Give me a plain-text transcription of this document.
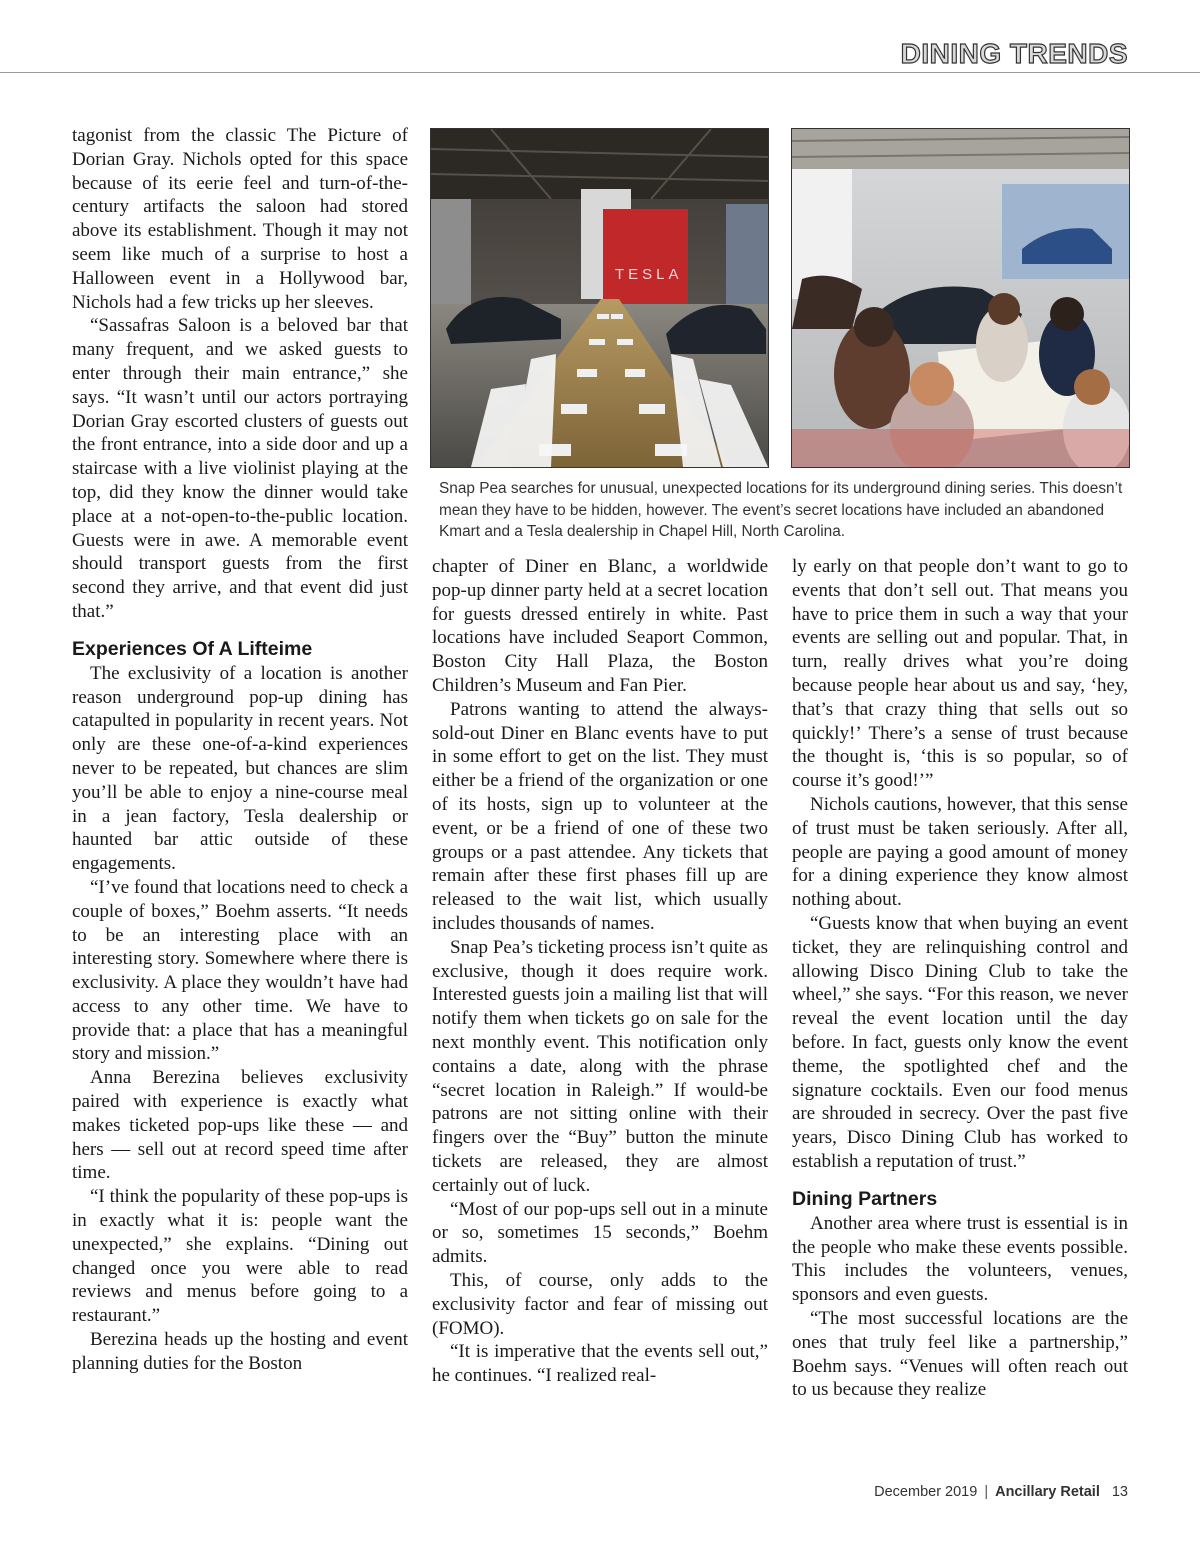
DINING TRENDS

tagonist from the classic The Picture of Dorian Gray. Nichols opted for this space because of its eerie feel and turn-of-the-century artifacts the saloon had stored above its establishment. Though it may not seem like much of a surprise to host a Halloween event in a Hollywood bar, Nichols had a few tricks up her sleeves.

“Sassafras Saloon is a beloved bar that many frequent, and we asked guests to enter through their main entrance,” she says. “It wasn’t until our actors portraying Dorian Gray escorted clusters of guests out the front entrance, into a side door and up a staircase with a live violinist playing at the top, did they know the dinner would take place at a not-open-to-the-public location. Guests were in awe. A memorable event should transport guests from the first second they arrive, and that event did just that.”

Experiences Of A Lifteime

The exclusivity of a location is another reason underground pop-up dining has catapulted in popularity in recent years. Not only are these one-of-a-kind experiences never to be repeated, but chances are slim you’ll be able to enjoy a nine-course meal in a jean factory, Tesla dealership or haunted bar attic outside of these engagements.

“I’ve found that locations need to check a couple of boxes,” Boehm asserts. “It needs to be an interesting place with an interesting story. Somewhere where there is exclusivity. A place they wouldn’t have had access to any other time. We have to provide that: a place that has a meaningful story and mission.”

Anna Berezina believes exclusivity paired with experience is exactly what makes ticketed pop-ups like these — and hers — sell out at record speed time after time.

“I think the popularity of these pop-ups is in exactly what it is: people want the unexpected,” she explains. “Dining out changed once you were able to read reviews and menus before going to a restaurant.”

Berezina heads up the hosting and event planning duties for the Boston

TESLA
Snap Pea searches for unusual, unexpected locations for its underground dining series. This doesn’t mean they have to be hidden, however. The event’s secret locations have included an abandoned Kmart and a Tesla dealership in Chapel Hill, North Carolina.

chapter of Diner en Blanc, a worldwide pop-up dinner party held at a secret location for guests dressed entirely in white. Past locations have included Seaport Common, Boston City Hall Plaza, the Boston Children’s Museum and Fan Pier.

Patrons wanting to attend the always-sold-out Diner en Blanc events have to put in some effort to get on the list. They must either be a friend of the organization or one of its hosts, sign up to volunteer at the event, or be a friend of one of these two groups or a past attendee. Any tickets that remain after these first phases fill up are released to the wait list, which usually includes thousands of names.

Snap Pea’s ticketing process isn’t quite as exclusive, though it does require work. Interested guests join a mailing list that will notify them when tickets go on sale for the next monthly event. This notification only contains a date, along with the phrase “secret location in Raleigh.” If would-be patrons are not sitting online with their fingers over the “Buy” button the minute tickets are released, they are almost certainly out of luck.

“Most of our pop-ups sell out in a minute or so, sometimes 15 seconds,” Boehm admits.

This, of course, only adds to the exclusivity factor and fear of missing out (FOMO).

“It is imperative that the events sell out,” he continues. “I realized real-

ly early on that people don’t want to go to events that don’t sell out. That means you have to price them in such a way that your events are selling out and popular. That, in turn, really drives what you’re doing because people hear about us and say, ‘hey, that’s that crazy thing that sells out so quickly!’ There’s a sense of trust because the thought is, ‘this is so popular, so of course it’s good!’”

Nichols cautions, however, that this sense of trust must be taken seriously. After all, people are paying a good amount of money for a dining experience they know almost nothing about.

“Guests know that when buying an event ticket, they are relinquishing control and allowing Disco Dining Club to take the wheel,” she says. “For this reason, we never reveal the event location until the day before. In fact, guests only know the event theme, the spotlighted chef and the signature cocktails. Even our food menus are shrouded in secrecy. Over the past five years, Disco Dining Club has worked to establish a reputation of trust.”

Dining Partners

Another area where trust is essential is in the people who make these events possible. This includes the volunteers, venues, sponsors and even guests.

“The most successful locations are the ones that truly feel like a partnership,” Boehm says. “Venues will often reach out to us because they realize

December 2019 | Ancillary Retail 13
